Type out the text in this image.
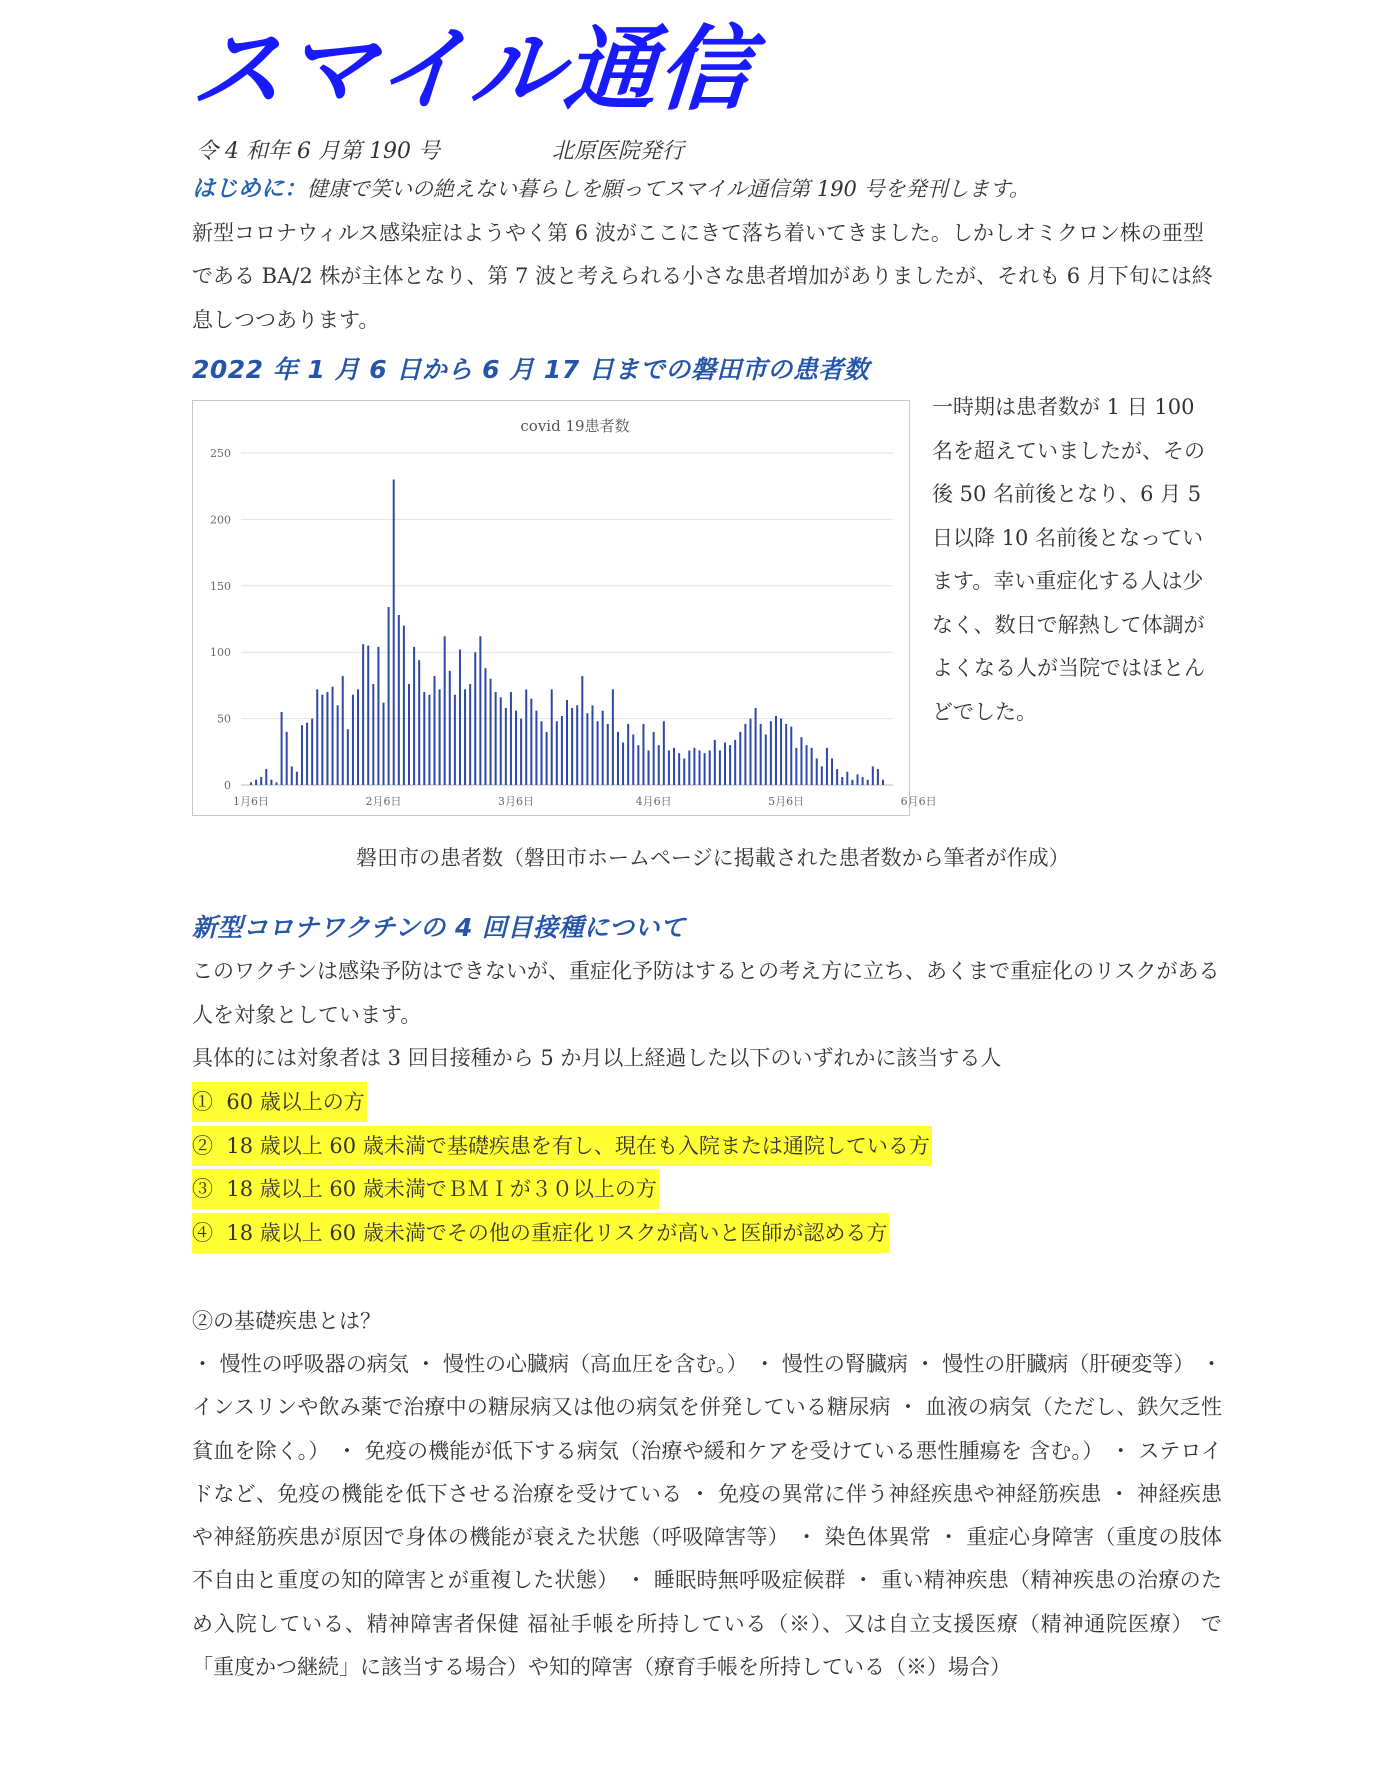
スマイル通信
令 4 和年 6 月第 190 号                北原医院発行
はじめに：健康で笑いの絶えない暮らしを願ってスマイル通信第 190 号を発刊します。
新型コロナウィルス感染症はようやく第 6 波がここにきて落ち着いてきました。しかしオミクロン株の亜型である BA/2 株が主体となり、第 7 波と考えられる小さな患者増加がありましたが、それも 6 月下旬には終息しつつあります。
2022 年 1 月 6 日から 6 月 17 日までの磐田市の患者数
covid 19患者数
0
50
100
150
200
250
1月6日	2月6日	3月6日	4月6日	5月6日	6月6日
一時期は患者数が 1 日 100 名を超えていましたが、その後 50 名前後となり、6 月 5 日以降 10 名前後となっています。幸い重症化する人は少なく、数日で解熱して体調がよくなる人が当院ではほとんどでした。
磐田市の患者数（磐田市ホームページに掲載された患者数から筆者が作成）
新型コロナワクチンの 4 回目接種について
このワクチンは感染予防はできないが、重症化予防はするとの考え方に立ち、あくまで重症化のリスクがある人を対象としています。
具体的には対象者は 3 回目接種から 5 か月以上経過した以下のいずれかに該当する人
①  60 歳以上の方
②  18 歳以上 60 歳未満で基礎疾患を有し、現在も入院または通院している方
③  18 歳以上 60 歳未満でＢＭＩが３０以上の方
④  18 歳以上 60 歳未満でその他の重症化リスクが高いと医師が認める方
②の基礎疾患とは？
・ 慢性の呼吸器の病気 ・ 慢性の心臓病（高血圧を含む。） ・ 慢性の腎臓病 ・ 慢性の肝臓病（肝硬変等） ・ インスリンや飲み薬で治療中の糖尿病又は他の病気を併発している糖尿病 ・ 血液の病気（ただし、鉄欠乏性貧血を除く。） ・ 免疫の機能が低下する病気（治療や緩和ケアを受けている悪性腫瘍を 含む。） ・ ステロイドなど、免疫の機能を低下させる治療を受けている ・ 免疫の異常に伴う神経疾患や神経筋疾患 ・ 神経疾患や神経筋疾患が原因で身体の機能が衰えた状態（呼吸障害等） ・ 染色体異常 ・ 重症心身障害（重度の肢体不自由と重度の知的障害とが重複した状態） ・ 睡眠時無呼吸症候群 ・ 重い精神疾患（精神疾患の治療のため入院している、精神障害者保健 福祉手帳を所持している（※）、又は自立支援医療（精神通院医療） で「重度かつ継続」に該当する場合）や知的障害（療育手帳を所持している（※）場合）
